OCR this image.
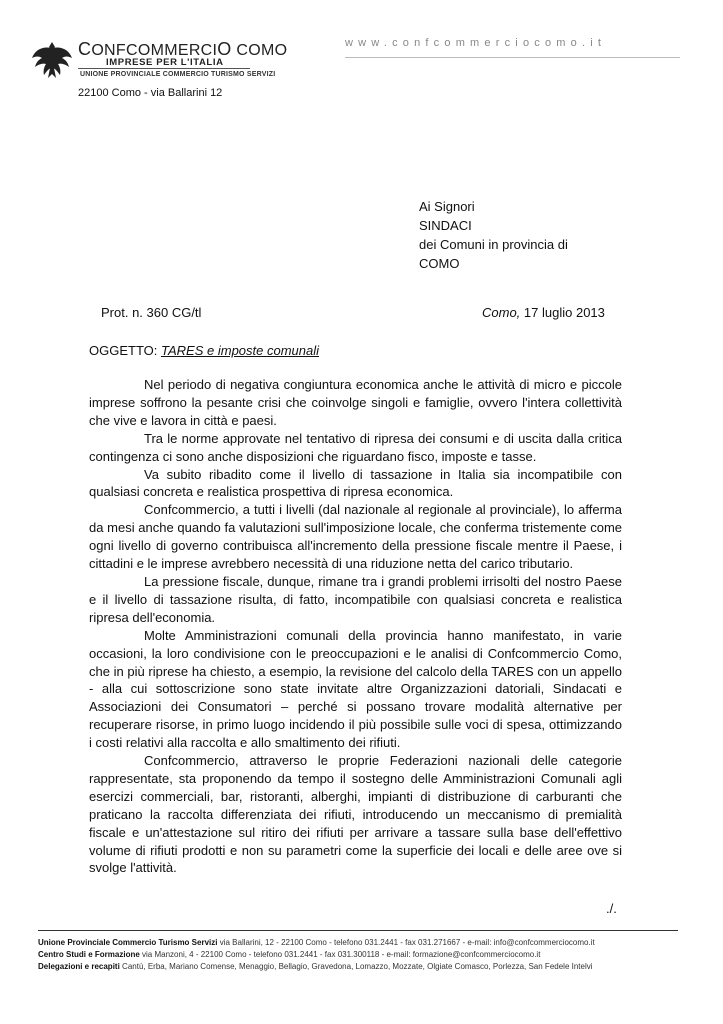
CONFCOMMERCIO COMO
IMPRESE PER L'ITALIA
UNIONE PROVINCIALE COMMERCIO TURISMO SERVIZI
22100 Como - via Ballarini 12
www.confcommerciocomo.it
Ai Signori
SINDACI
dei Comuni in provincia di
COMO
Prot. n. 360 CG/tl	Como, 17 luglio 2013
OGGETTO: TARES e imposte comunali

Nel periodo di negativa congiuntura economica anche le attività di micro e piccole imprese soffrono la pesante crisi che coinvolge singoli e famiglie, ovvero l'intera collettività che vive e lavora in città e paesi.

Tra le norme approvate nel tentativo di ripresa dei consumi e di uscita dalla critica contingenza ci sono anche disposizioni che riguardano fisco, imposte e tasse.

Va subito ribadito come il livello di tassazione in Italia sia incompatibile con qualsiasi concreta e realistica prospettiva di ripresa economica.

Confcommercio, a tutti i livelli (dal nazionale al regionale al provinciale), lo afferma da mesi anche quando fa valutazioni sull'imposizione locale, che conferma tristemente come ogni livello di governo contribuisca all'incremento della pressione fiscale mentre il Paese, i cittadini e le imprese avrebbero necessità di una riduzione netta del carico tributario.

La pressione fiscale, dunque, rimane tra i grandi problemi irrisolti del nostro Paese e il livello di tassazione risulta, di fatto, incompatibile con qualsiasi concreta e realistica ripresa dell'economia.

Molte Amministrazioni comunali della provincia hanno manifestato, in varie occasioni, la loro condivisione con le preoccupazioni e le analisi di Confcommercio Como, che in più riprese ha chiesto, a esempio, la revisione del calcolo della TARES con un appello - alla cui sottoscrizione sono state invitate altre Organizzazioni datoriali, Sindacati e Associazioni dei Consumatori – perché si possano trovare modalità alternative per recuperare risorse, in primo luogo incidendo il più possibile sulle voci di spesa, ottimizzando i costi relativi alla raccolta e allo smaltimento dei rifiuti.

Confcommercio, attraverso le proprie Federazioni nazionali delle categorie rappresentate, sta proponendo da tempo il sostegno delle Amministrazioni Comunali agli esercizi commerciali, bar, ristoranti, alberghi, impianti di distribuzione di carburanti che praticano la raccolta differenziata dei rifiuti, introducendo un meccanismo di premialità fiscale e un'attestazione sul ritiro dei rifiuti per arrivare a tassare sulla base dell'effettivo volume di rifiuti prodotti e non su parametri come la superficie dei locali e delle aree ove si svolge l'attività.

./.
Unione Provinciale Commercio Turismo Servizi via Ballarini, 12 - 22100 Como - telefono 031.2441 - fax 031.271667 - e-mail: info@confcommerciocomo.it
Centro Studi e Formazione via Manzoni, 4 - 22100 Como - telefono 031.2441 - fax 031.300118 - e-mail: formazione@confcommerciocomo.it
Delegazioni e recapiti Cantù, Erba, Mariano Comense, Menaggio, Bellagio, Gravedona, Lomazzo, Mozzate, Olgiate Comasco, Porlezza, San Fedele Intelvi
